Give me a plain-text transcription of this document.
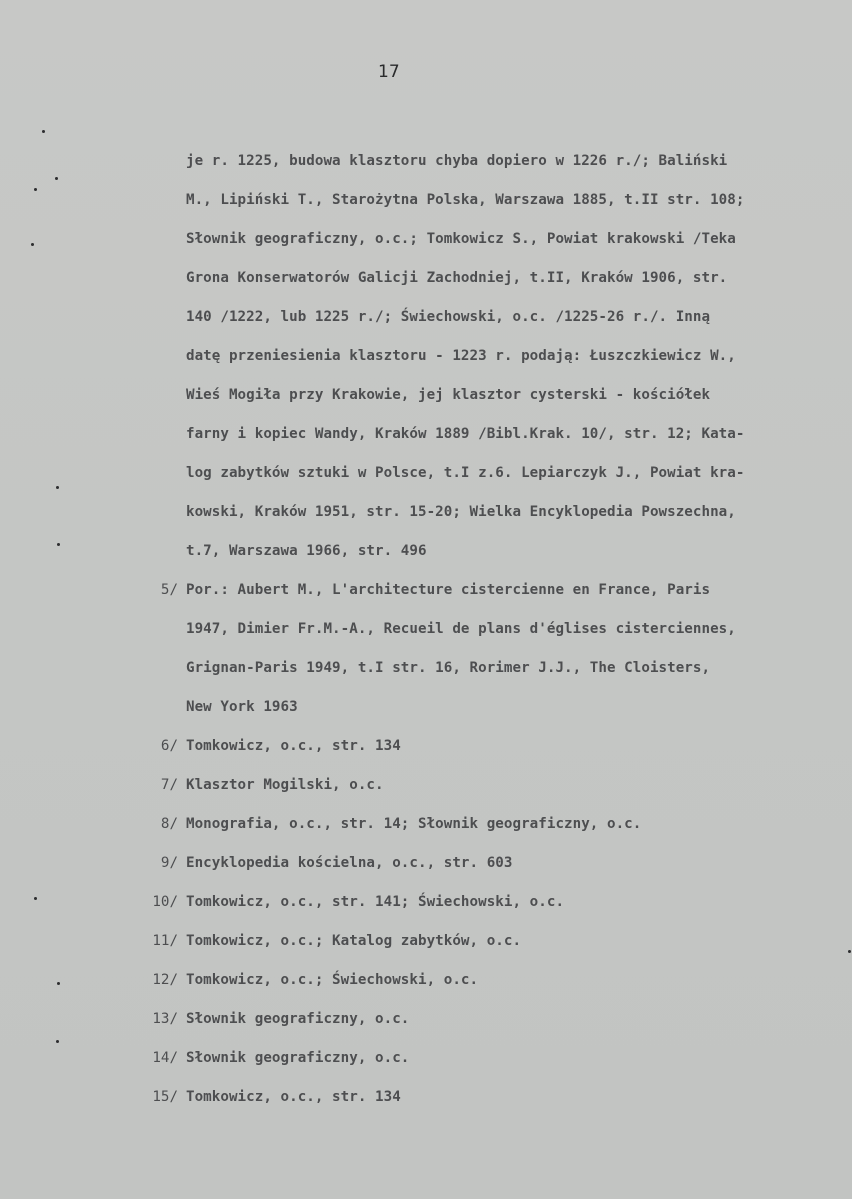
17
je r. 1225, budowa klasztoru chyba dopiero w 1226 r./; Baliński
M., Lipiński T., Starożytna Polska, Warszawa 1885, t.II str. 108;
Słownik geograficzny, o.c.; Tomkowicz S., Powiat krakowski /Teka
Grona Konserwatorów Galicji Zachodniej, t.II, Kraków 1906, str.
140 /1222, lub 1225 r./; Świechowski, o.c. /1225-26 r./. Inną
datę przeniesienia klasztoru - 1223 r. podają: Łuszczkiewicz W.,
Wieś Mogiła przy Krakowie, jej klasztor cysterski - kościółek
farny i kopiec Wandy, Kraków 1889 /Bibl.Krak. 10/, str. 12; Kata-
log zabytków sztuki w Polsce, t.I z.6. Lepiarczyk J., Powiat kra-
kowski, Kraków 1951, str. 15-20; Wielka Encyklopedia Powszechna,
t.7, Warszawa 1966, str. 496
5/ Por.: Aubert M., L'architecture cistercienne en France, Paris
1947, Dimier Fr.M.-A., Recueil de plans d'églises cisterciennes,
Grignan-Paris 1949, t.I str. 16, Rorimer J.J., The Cloisters,
New York 1963
6/ Tomkowicz, o.c., str. 134
7/ Klasztor Mogilski, o.c.
8/ Monografia, o.c., str. 14; Słownik geograficzny, o.c.
9/ Encyklopedia kościelna, o.c., str. 603
10/ Tomkowicz, o.c., str. 141; Świechowski, o.c.
11/ Tomkowicz, o.c.; Katalog zabytków, o.c.
12/ Tomkowicz, o.c.; Świechowski, o.c.
13/ Słownik geograficzny, o.c.
14/ Słownik geograficzny, o.c.
15/ Tomkowicz, o.c., str. 134
